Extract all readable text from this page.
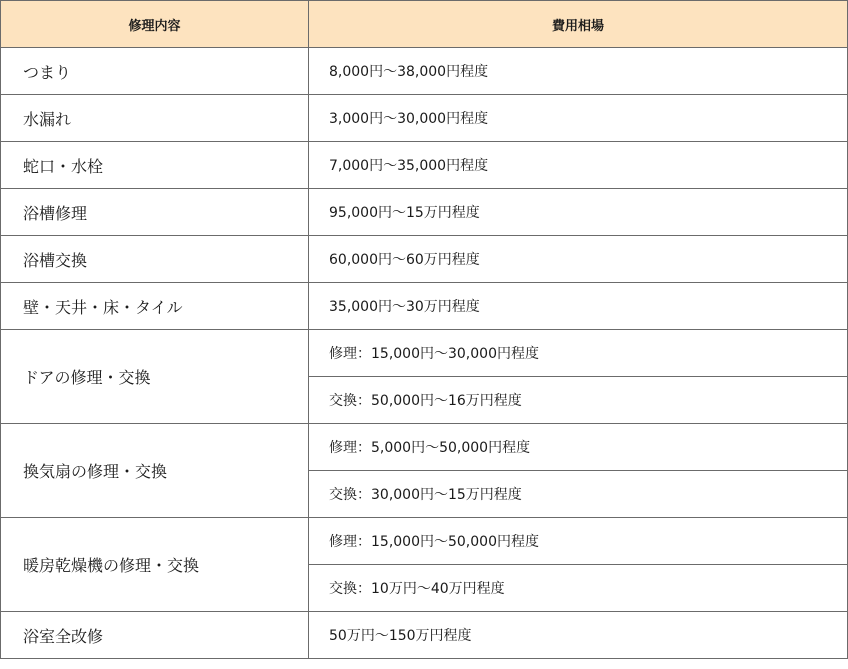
修理内容	費用相場
つまり	8,000円〜38,000円程度
水漏れ	3,000円〜30,000円程度
蛇口・水栓	7,000円〜35,000円程度
浴槽修理	95,000円〜15万円程度
浴槽交換	60,000円〜60万円程度
壁・天井・床・タイル	35,000円〜30万円程度
ドアの修理・交換	修理：15,000円〜30,000円程度
	交換：50,000円〜16万円程度
換気扇の修理・交換	修理：5,000円〜50,000円程度
	交換：30,000円〜15万円程度
暖房乾燥機の修理・交換	修理：15,000円〜50,000円程度
	交換：10万円〜40万円程度
浴室全改修	50万円〜150万円程度
